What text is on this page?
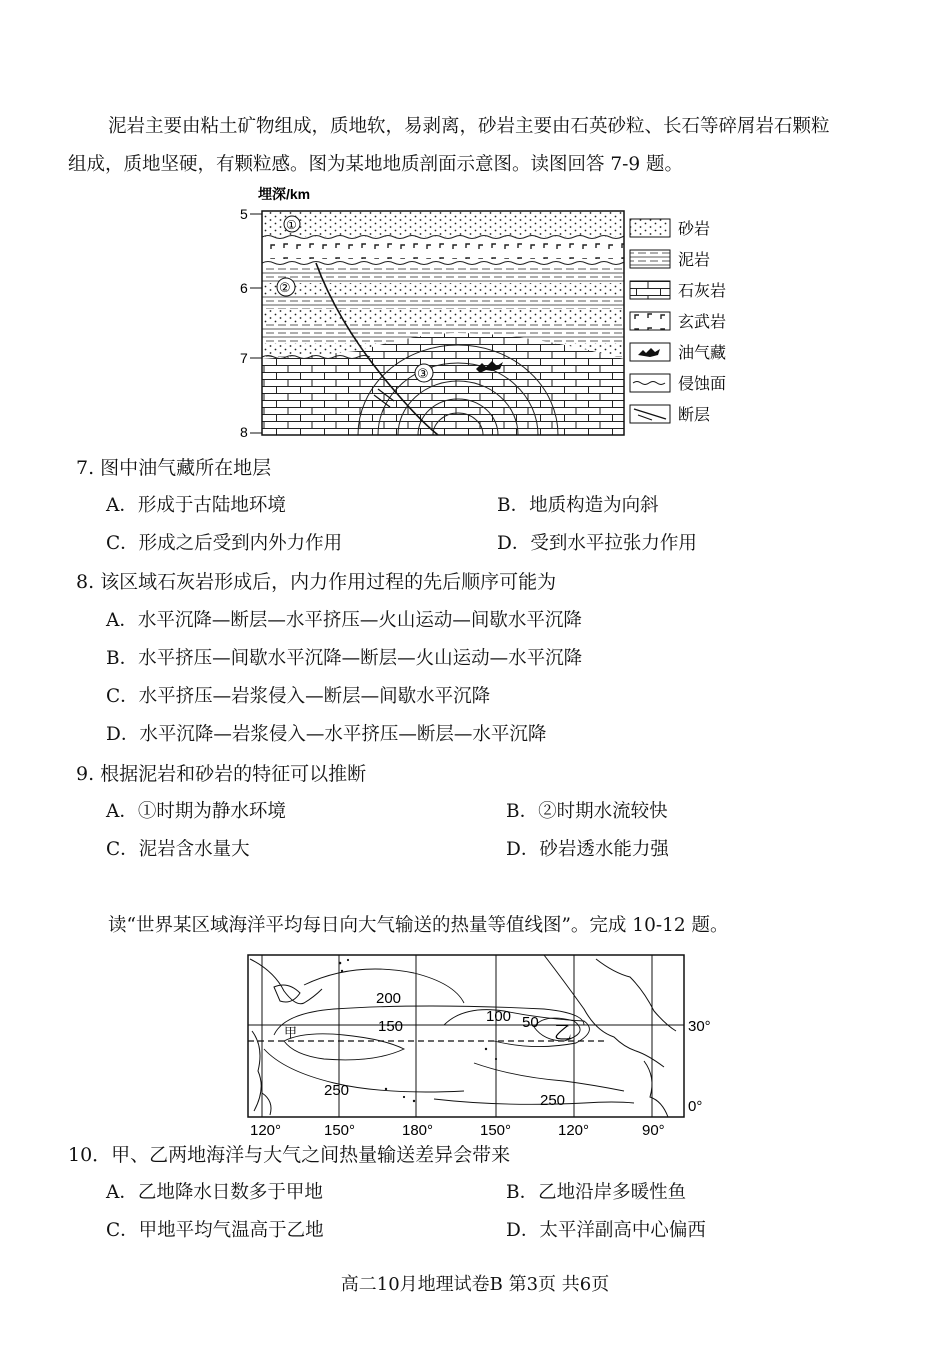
泥岩主要由粘土矿物组成，质地软，易剥离，砂岩主要由石英砂粒、长石等碎屑岩石颗粒
组成，质地坚硬，有颗粒感。图为某地地质剖面示意图。读图回答 7-9 题。
埋深/km
5
6
7
8
①
②
③
砂岩
泥岩
石灰岩
玄武岩
油气藏
侵蚀面
断层
7. 图中油气藏所在地层
A．形成于古陆地环境	B．地质构造为向斜
C．形成之后受到内外力作用	D．受到水平拉张力作用
8. 该区域石灰岩形成后，内力作用过程的先后顺序可能为
A．水平沉降—断层—水平挤压—火山运动—间歇水平沉降
B．水平挤压—间歇水平沉降—断层—火山运动—水平沉降
C．水平挤压—岩浆侵入—断层—间歇水平沉降
D．水平沉降—岩浆侵入—水平挤压—断层—水平沉降
9. 根据泥岩和砂岩的特征可以推断
A．①时期为静水环境	B．②时期水流较快
C．泥岩含水量大	D．砂岩透水能力强
读“世界某区域海洋平均每日向大气输送的热量等值线图”。完成 10-12 题。
200
150
100 50
250
250
甲	乙	30°
0°
120°	150°	180°	150°	120°	90°
10．甲、乙两地海洋与大气之间热量输送差异会带来
A．乙地降水日数多于甲地	B．乙地沿岸多暖性鱼
C．甲地平均气温高于乙地	D．太平洋副高中心偏西
高二10月地理试卷B 第3页 共6页
